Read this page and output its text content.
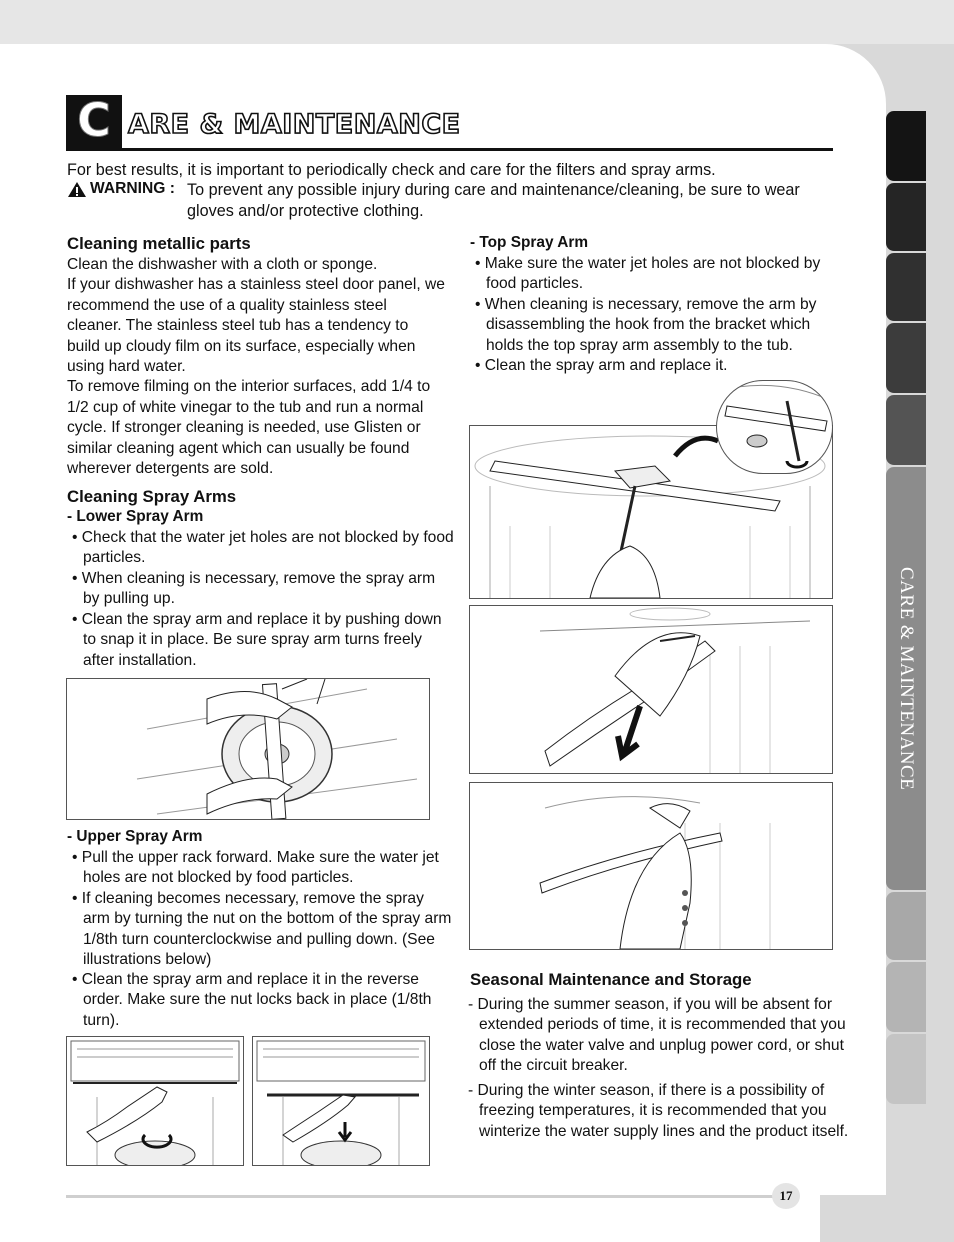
CARE & MAINTENANCE
C ARE & MAINTENANCE
For best results, it is important to periodically check and care for the filters and spray arms.
WARNING : To prevent any possible injury during care and maintenance/cleaning, be sure to wear
gloves and/or protective clothing.
Cleaning metallic parts
Clean the dishwasher with a cloth or sponge.
If your dishwasher has a stainless steel door panel, we recommend the use of a quality stainless steel cleaner. The stainless steel tub has a tendency to build up cloudy film on its surface, especially when using hard water.
To remove filming on the interior surfaces, add 1/4 to 1/2 cup of white vinegar to the tub and run a normal cycle. If stronger cleaning is needed, use Glisten or similar cleaning agent which can usually be found wherever detergents are sold.
Cleaning Spray Arms
- Lower Spray Arm
• Check that the water jet holes are not blocked by food particles.
• When cleaning is necessary, remove the spray arm by pulling up.
• Clean the spray arm and replace it by pushing down to snap it in place. Be sure spray arm turns freely after installation.
- Upper Spray Arm
• Pull the upper rack forward. Make sure the water jet holes are not blocked by food particles.
• If cleaning becomes necessary, remove the spray arm by turning the nut on the bottom of the spray arm 1/8th turn counterclockwise and pulling down. (See illustrations below)
• Clean the spray arm and replace it in the reverse order. Make sure the nut locks back in place (1/8th turn).
- Top Spray Arm
• Make sure the water jet holes are not blocked by food particles.
• When cleaning is necessary, remove the arm by disassembling the hook from the bracket which holds the top spray arm assembly to the tub.
• Clean the spray arm and replace it.
Seasonal Maintenance and Storage
- During the summer season, if you will be absent for extended periods of time, it is recommended that you close the water valve and unplug power cord, or shut off the circuit breaker.
- During the winter season, if there is a possibility of freezing temperatures, it is recommended that you winterize the water supply lines and the product itself.
17
